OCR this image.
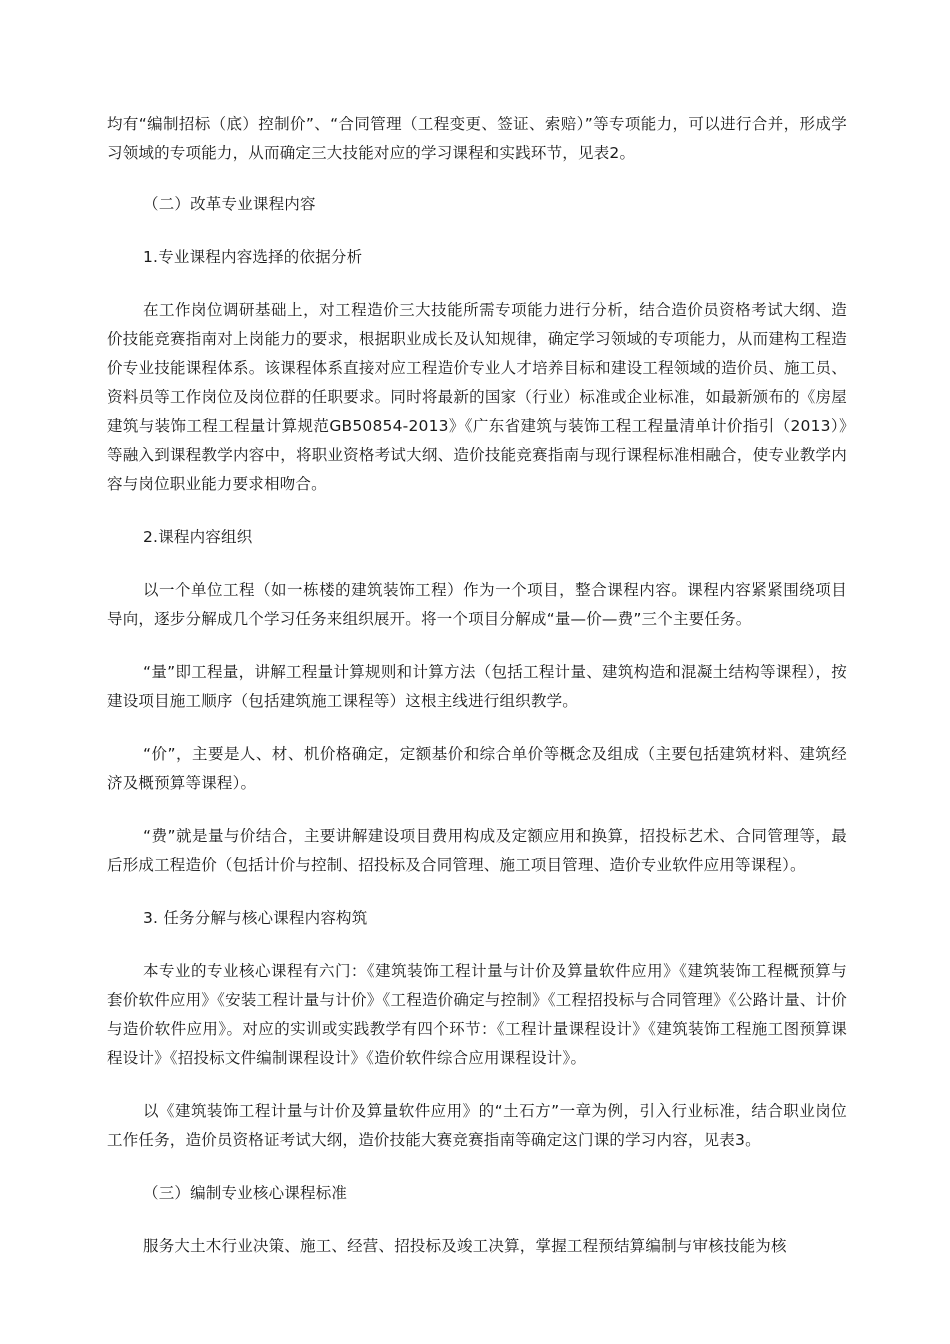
均有“编制招标（底）控制价”、“合同管理（工程变更、签证、索赔）”等专项能力，可以进行合并，形成学习领域的专项能力，从而确定三大技能对应的学习课程和实践环节，见表2。

（二）改革专业课程内容

1.专业课程内容选择的依据分析

在工作岗位调研基础上，对工程造价三大技能所需专项能力进行分析，结合造价员资格考试大纲、造价技能竞赛指南对上岗能力的要求，根据职业成长及认知规律，确定学习领域的专项能力，从而建构工程造价专业技能课程体系。该课程体系直接对应工程造价专业人才培养目标和建设工程领域的造价员、施工员、资料员等工作岗位及岗位群的任职要求。同时将最新的国家（行业）标准或企业标准，如最新颁布的《房屋建筑与装饰工程工程量计算规范GB50854-2013》《广东省建筑与装饰工程工程量清单计价指引（2013）》等融入到课程教学内容中，将职业资格考试大纲、造价技能竞赛指南与现行课程标准相融合，使专业教学内容与岗位职业能力要求相吻合。

2.课程内容组织

以一个单位工程（如一栋楼的建筑装饰工程）作为一个项目，整合课程内容。课程内容紧紧围绕项目导向，逐步分解成几个学习任务来组织展开。将一个项目分解成“量—价—费”三个主要任务。

“量”即工程量，讲解工程量计算规则和计算方法（包括工程计量、建筑构造和混凝土结构等课程），按建设项目施工顺序（包括建筑施工课程等）这根主线进行组织教学。

“价”，主要是人、材、机价格确定，定额基价和综合单价等概念及组成（主要包括建筑材料、建筑经济及概预算等课程）。

“费”就是量与价结合，主要讲解建设项目费用构成及定额应用和换算，招投标艺术、合同管理等，最后形成工程造价（包括计价与控制、招投标及合同管理、施工项目管理、造价专业软件应用等课程）。

3. 任务分解与核心课程内容构筑

本专业的专业核心课程有六门：《建筑装饰工程计量与计价及算量软件应用》《建筑装饰工程概预算与套价软件应用》《安装工程计量与计价》《工程造价确定与控制》《工程招投标与合同管理》《公路计量、计价与造价软件应用》。对应的实训或实践教学有四个环节：《工程计量课程设计》《建筑装饰工程施工图预算课程设计》《招投标文件编制课程设计》《造价软件综合应用课程设计》。

以《建筑装饰工程计量与计价及算量软件应用》的“土石方”一章为例，引入行业标准，结合职业岗位工作任务，造价员资格证考试大纲，造价技能大赛竞赛指南等确定这门课的学习内容，见表3。

（三）编制专业核心课程标准

服务大土木行业决策、施工、经营、招投标及竣工决算，掌握工程预结算编制与审核技能为核
